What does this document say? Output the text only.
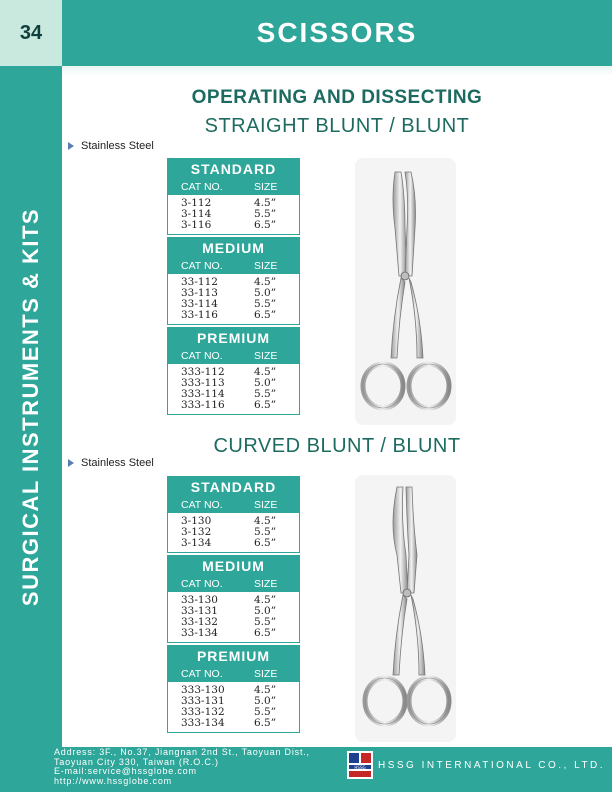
34	SCISSORS
SURGICAL INSTRUMENTS & KITS
OPERATING AND DISSECTING
STRAIGHT BLUNT / BLUNT
Stainless Steel
STANDARD
CAT NO.	SIZE
3-112	4.5”
3-114	5.5”
3-116	6.5”
MEDIUM
CAT NO.	SIZE
33-112	4.5”
33-113	5.0”
33-114	5.5”
33-116	6.5”
PREMIUM
CAT NO.	SIZE
333-112	4.5”
333-113	5.0”
333-114	5.5”
333-116	6.5”
CURVED BLUNT / BLUNT
Stainless Steel
STANDARD
CAT NO.	SIZE
3-130	4.5”
3-132	5.5”
3-134	6.5”
MEDIUM
CAT NO.	SIZE
33-130	4.5”
33-131	5.0”
33-132	5.5”
33-134	6.5”
PREMIUM
CAT NO.	SIZE
333-130	4.5”
333-131	5.0”
333-132	5.5”
333-134	6.5”
Address: 3F., No.37, Jiangnan 2nd St., Taoyuan Dist.,
Taoyuan City 330, Taiwan (R.O.C.)
E-mail:service@hssglobe.com
http://www.hssglobe.com
HSSG HSSG INTERNATIONAL CO., LTD.
